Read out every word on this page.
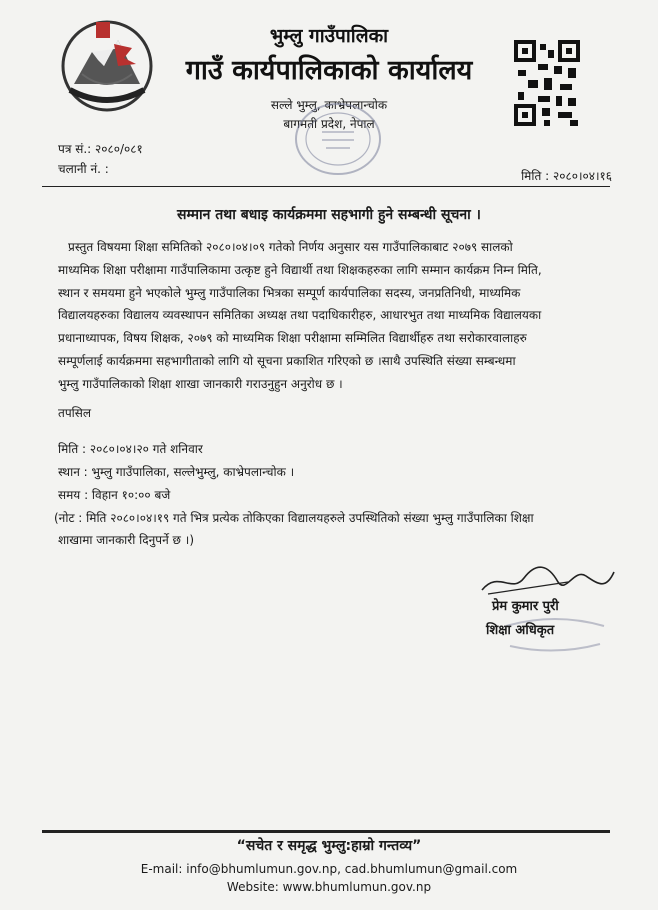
भुम्लु गाउँपालिका
गाउँ कार्यपालिकाको कार्यालय
सल्ले भुम्लु, काभ्रेपलान्चोक
बागमती प्रदेश, नेपाल
पत्र सं.: २०८०/०८१
चलानी नं. :	मिति : २०८०।०४।१६
सम्मान तथा बधाइ कार्यक्रममा सहभागी हुने सम्बन्धी सूचना ।
प्रस्तुत विषयमा शिक्षा समितिको २०८०।०४।०९ गतेको निर्णय अनुसार यस गाउँपालिकाबाट २०७९ सालको
माध्यमिक शिक्षा परीक्षामा गाउँपालिकामा उत्कृष्ट हुने विद्यार्थी तथा शिक्षकहरुका लागि सम्मान कार्यक्रम निम्न मिति,
स्थान र समयमा हुने भएकोले भुम्लु गाउँपालिका भित्रका सम्पूर्ण कार्यपालिका सदस्य, जनप्रतिनिधी, माध्यमिक
विद्यालयहरुका विद्यालय व्यवस्थापन समितिका अध्यक्ष तथा पदाधिकारीहरु, आधारभुत तथा माध्यमिक विद्यालयका
प्रधानाध्यापक, विषय शिक्षक, २०७९ को माध्यमिक शिक्षा परीक्षामा सम्मिलित विद्यार्थीहरु तथा सरोकारवालाहरु
सम्पूर्णलाई कार्यक्रममा सहभागीताको लागि यो सूचना प्रकाशित गरिएको छ ।साथै उपस्थिति संख्या सम्बन्धमा
भुम्लु गाउँपालिकाको शिक्षा शाखा जानकारी गराउनुहुन अनुरोध छ ।
तपसिल
मिति : २०८०।०४।२० गते शनिवार
स्थान : भुम्लु गाउँपालिका, सल्लेभुम्लु, काभ्रेपलान्चोक ।
समय : विहान १०:०० बजे
(नोट : मिति २०८०।०४।१९ गते भित्र प्रत्येक तोकिएका विद्यालयहरुले उपस्थितिको संख्या भुम्लु गाउँपालिका शिक्षा
शाखामा जानकारी दिनुपर्ने छ ।)
प्रेम कुमार पुरी
शिक्षा अधिकृत
“सचेत र समृद्ध भुम्लु:हाम्रो गन्तव्य”
E-mail: info@bhumlumun.gov.np, cad.bhumlumun@gmail.com
Website: www.bhumlumun.gov.np
